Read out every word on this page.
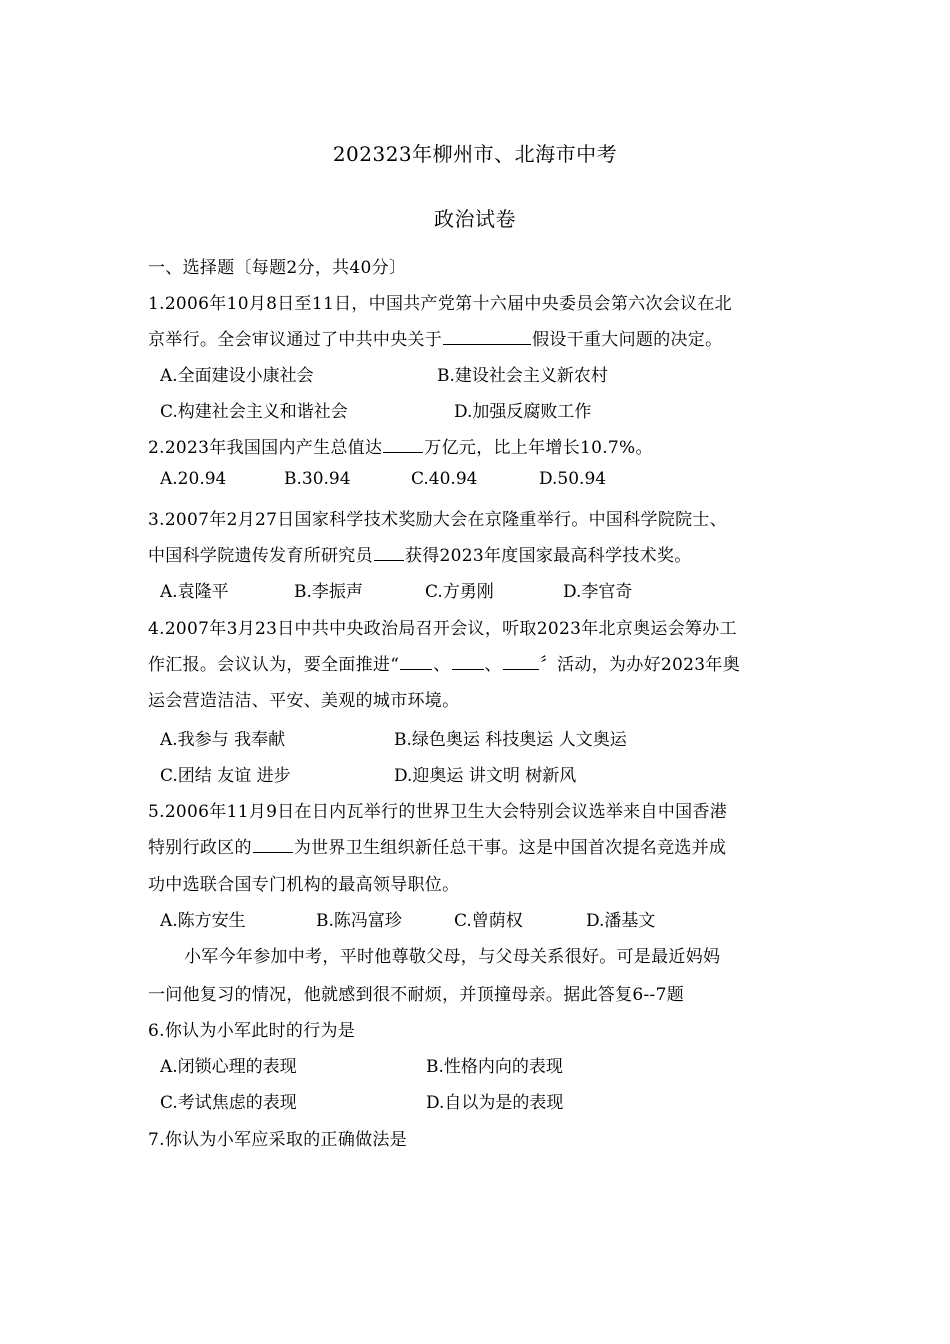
202323年柳州市、北海市中考
政治试卷
一、选择题〔每题2分，共40分〕
1.2006年10月8日至11日，中国共产党第十六届中央委员会第六次会议在北
京举行。全会审议通过了中共中央关于	假设干重大问题的决定。
A.全面建设小康社会	B.建设社会主义新农村
C.构建社会主义和谐社会	D.加强反腐败工作
2.2023年我国国内产生总值达 万亿元，比上年增长10.7%。
A.20.94	B.30.94	C.40.94	D.50.94
3.2007年2月27日国家科学技术奖励大会在京隆重举行。中国科学院院士、
中国科学院遗传发育所研究员 获得2023年度国家最高科学技术奖。
A.袁隆平	B.李振声	C.方勇刚	D.李官奇
4.2007年3月23日中共中央政治局召开会议，听取2023年北京奥运会筹办工
作汇报。会议认为，要全面推进“ 、 、 〞活动，为办好2023年奥
运会营造洁洁、平安、美观的城市环境。
A.我参与 我奉献	B.绿色奥运 科技奥运 人文奥运
C.团结 友谊 进步	D.迎奥运 讲文明 树新风
5.2006年11月9日在日内瓦举行的世界卫生大会特别会议选举来自中国香港
特别行政区的 为世界卫生组织新任总干事。这是中国首次提名竞选并成
功中选联合国专门机构的最高领导职位。
A.陈方安生	B.陈冯富珍	C.曾荫权	D.潘基文
小军今年参加中考，平时他尊敬父母，与父母关系很好。可是最近妈妈
一问他复习的情况，他就感到很不耐烦，并顶撞母亲。据此答复6--7题
6.你认为小军此时的行为是
A.闭锁心理的表现	B.性格内向的表现
C.考试焦虑的表现	D.自以为是的表现
7.你认为小军应采取的正确做法是
